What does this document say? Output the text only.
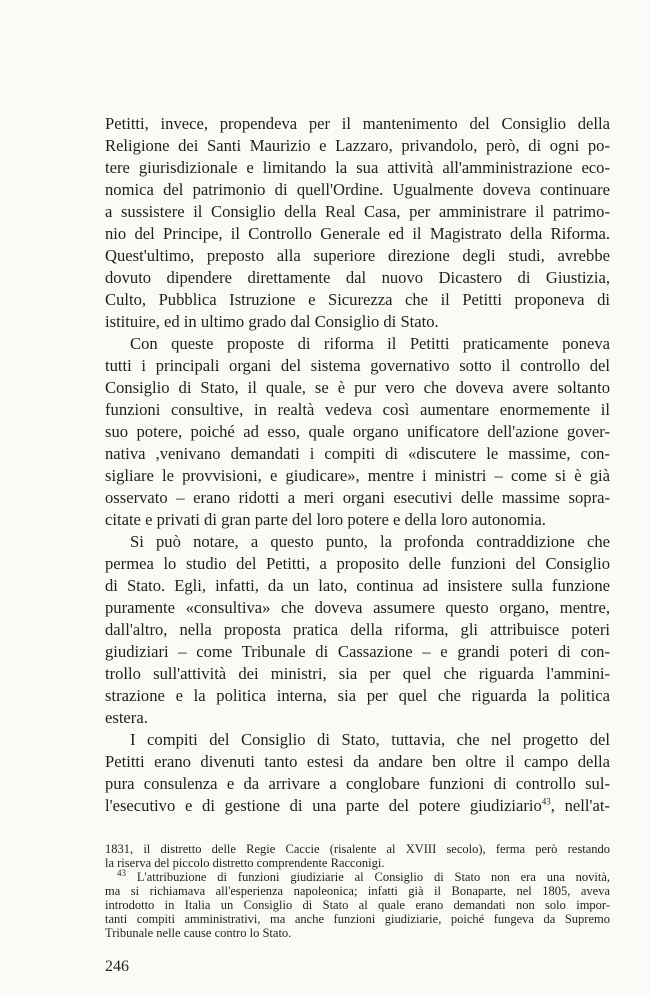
Petitti, invece, propendeva per il mantenimento del Consiglio della
Religione dei Santi Maurizio e Lazzaro, privandolo, però, di ogni po-
tere giurisdizionale e limitando la sua attività all'amministrazione eco-
nomica del patrimonio di quell'Ordine. Ugualmente doveva continuare
a sussistere il Consiglio della Real Casa, per amministrare il patrimo-
nio del Principe, il Controllo Generale ed il Magistrato della Riforma.
Quest'ultimo, preposto alla superiore direzione degli studi, avrebbe
dovuto dipendere direttamente dal nuovo Dicastero di Giustizia,
Culto, Pubblica Istruzione e Sicurezza che il Petitti proponeva di
istituire, ed in ultimo grado dal Consiglio di Stato.
Con queste proposte di riforma il Petitti praticamente poneva
tutti i principali organi del sistema governativo sotto il controllo del
Consiglio di Stato, il quale, se è pur vero che doveva avere soltanto
funzioni consultive, in realtà vedeva così aumentare enormemente il
suo potere, poiché ad esso, quale organo unificatore dell'azione gover-
nativa ,venivano demandati i compiti di «discutere le massime, con-
sigliare le provvisioni, e giudicare», mentre i ministri – come si è già
osservato – erano ridotti a meri organi esecutivi delle massime sopra-
citate e privati di gran parte del loro potere e della loro autonomia.
Si può notare, a questo punto, la profonda contraddizione che
permea lo studio del Petitti, a proposito delle funzioni del Consiglio
di Stato. Egli, infatti, da un lato, continua ad insistere sulla funzione
puramente «consultiva» che doveva assumere questo organo, mentre,
dall'altro, nella proposta pratica della riforma, gli attribuisce poteri
giudiziari – come Tribunale di Cassazione – e grandi poteri di con-
trollo sull'attività dei ministri, sia per quel che riguarda l'ammini-
strazione e la politica interna, sia per quel che riguarda la politica
estera.
I compiti del Consiglio di Stato, tuttavia, che nel progetto del
Petitti erano divenuti tanto estesi da andare ben oltre il campo della
pura consulenza e da arrivare a conglobare funzioni di controllo sul-
l'esecutivo e di gestione di una parte del potere giudiziario$^{43}$, nell'at-
1831, il distretto delle Regie Caccie (risalente al XVIII secolo), ferma però restando
la riserva del piccolo distretto comprendente Racconigi.
$^{43}$ L'attribuzione di funzioni giudiziarie al Consiglio di Stato non era una novità,
ma si richiamava all'esperienza napoleonica; infatti già il Bonaparte, nel 1805, aveva
introdotto in Italia un Consiglio di Stato al quale erano demandati non solo impor-
tanti compiti amministrativi, ma anche funzioni giudiziarie, poiché fungeva da Supremo
Tribunale nelle cause contro lo Stato.
246
